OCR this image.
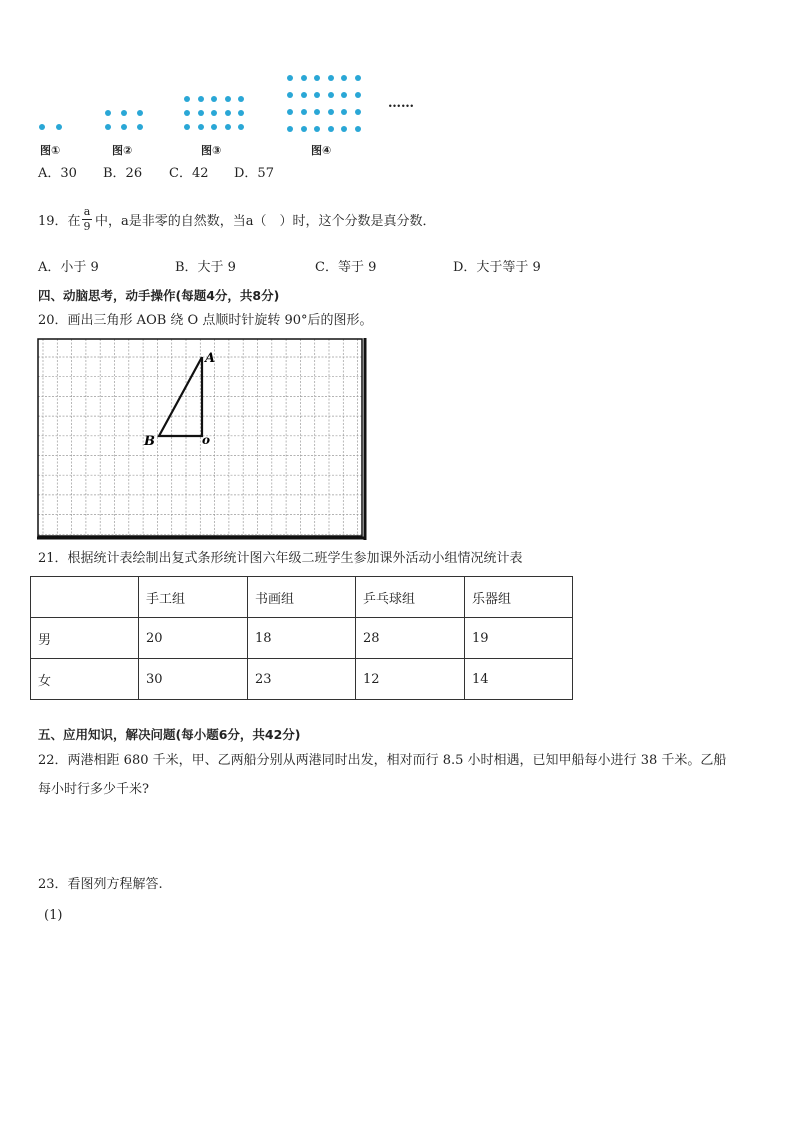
……
图①	图②	图③	图④
A．30 B．26 C．42 D．57
19．在
a
9 中，a是非零的自然数，当a（　）时，这个分数是真分数．
A．小于 9	B．大于 9	C．等于 9	D．大于等于 9
四、动脑思考，动手操作(每题4分，共8分)
20．画出三角形 AOB 绕 O 点顺时针旋转 90°后的图形。
A
B	o
21．根据统计表绘制出复式条形统计图六年级二班学生参加课外活动小组情况统计表
	手工组	书画组	乒乓球组	乐器组
男	20	18	28	19
女	30	23	12	14
五、应用知识，解决问题(每小题6分，共42分)
22．两港相距 680 千米，甲、乙两船分别从两港同时出发，相对而行 8.5 小时相遇，已知甲船每小进行 38 千米。乙船
每小时行多少千米?
23．看图列方程解答.
(1)
